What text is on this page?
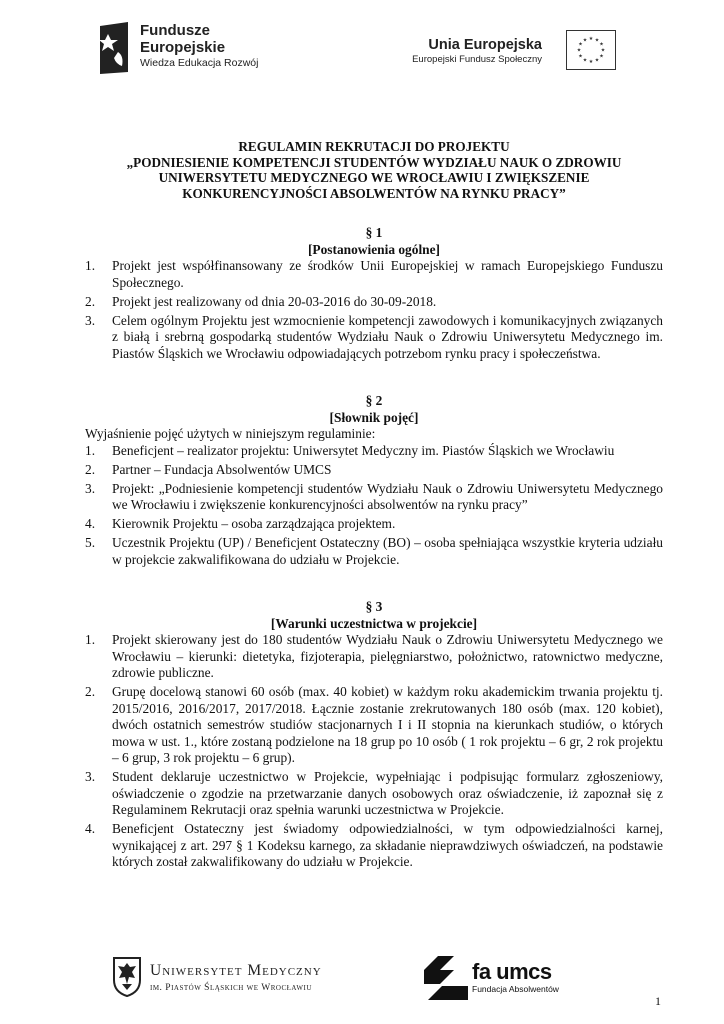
Fundusze
Europejskie
Wiedza Edukacja Rozwój
Unia Europejska
Europejski Fundusz Społeczny
★ ★
★
★
★
★
★
★
★
★
★
★
REGULAMIN REKRUTACJI DO PROJEKTU
„PODNIESIENIE KOMPETENCJI STUDENTÓW WYDZIAŁU NAUK O ZDROWIU
UNIWERSYTETU MEDYCZNEGO WE WROCŁAWIU I ZWIĘKSZENIE
KONKURENCYJNOŚCI ABSOLWENTÓW NA RYNKU PRACY”
§ 1
[Postanowienia ogólne]
1. Projekt jest współfinansowany ze środków Unii Europejskiej w ramach Europejskiego Funduszu Społecznego.
2. Projekt jest realizowany od dnia 20-03-2016 do 30-09-2018.
3. Celem ogólnym Projektu jest wzmocnienie kompetencji zawodowych i komunikacyjnych związanych z białą i srebrną gospodarką studentów Wydziału Nauk o Zdrowiu Uniwersytetu Medycznego im. Piastów Śląskich we Wrocławiu odpowiadających potrzebom rynku pracy i społeczeństwa.
§ 2
[Słownik pojęć]

Wyjaśnienie pojęć użytych w niniejszym regulaminie:

1. Beneficjent – realizator projektu: Uniwersytet Medyczny im. Piastów Śląskich we Wrocławiu
2. Partner – Fundacja Absolwentów UMCS
3. Projekt: „Podniesienie kompetencji studentów Wydziału Nauk o Zdrowiu Uniwersytetu Medycznego we Wrocławiu i zwiększenie konkurencyjności absolwentów na rynku pracy”
4. Kierownik Projektu – osoba zarządzająca projektem.
5. Uczestnik Projektu (UP) / Beneficjent Ostateczny (BO) – osoba spełniająca wszystkie kryteria udziału w projekcie zakwalifikowana do udziału w Projekcie.
§ 3
[Warunki uczestnictwa w projekcie]
1. Projekt skierowany jest do 180 studentów Wydziału Nauk o Zdrowiu Uniwersytetu Medycznego we Wrocławiu – kierunki: dietetyka, fizjoterapia, pielęgniarstwo, położnictwo, ratownictwo medyczne, zdrowie publiczne.
2. Grupę docelową stanowi 60 osób (max. 40 kobiet) w każdym roku akademickim trwania projektu tj. 2015/2016, 2016/2017, 2017/2018. Łącznie zostanie zrekrutowanych 180 osób (max. 120 kobiet), dwóch ostatnich semestrów studiów stacjonarnych I i II stopnia na kierunkach studiów, o których mowa w ust. 1., które zostaną podzielone na 18 grup po 10 osób ( 1 rok projektu – 6 gr, 2 rok projektu – 6 grup, 3 rok projektu – 6 grup).
3. Student deklaruje uczestnictwo w Projekcie, wypełniając i podpisując formularz zgłoszeniowy, oświadczenie o zgodzie na przetwarzanie danych osobowych oraz oświadczenie, iż zapoznał się z Regulaminem Rekrutacji oraz spełnia warunki uczestnictwa w Projekcie.
4. Beneficjent Ostateczny jest świadomy odpowiedzialności, w tym odpowiedzialności karnej, wynikającej z art. 297 § 1 Kodeksu karnego, za składanie nieprawdziwych oświadczeń, na podstawie których został zakwalifikowany do udziału w Projekcie.
Uniwersytet Medyczny
im. Piastów Śląskich we Wrocławiu
fa umcs
Fundacja Absolwentów
1
